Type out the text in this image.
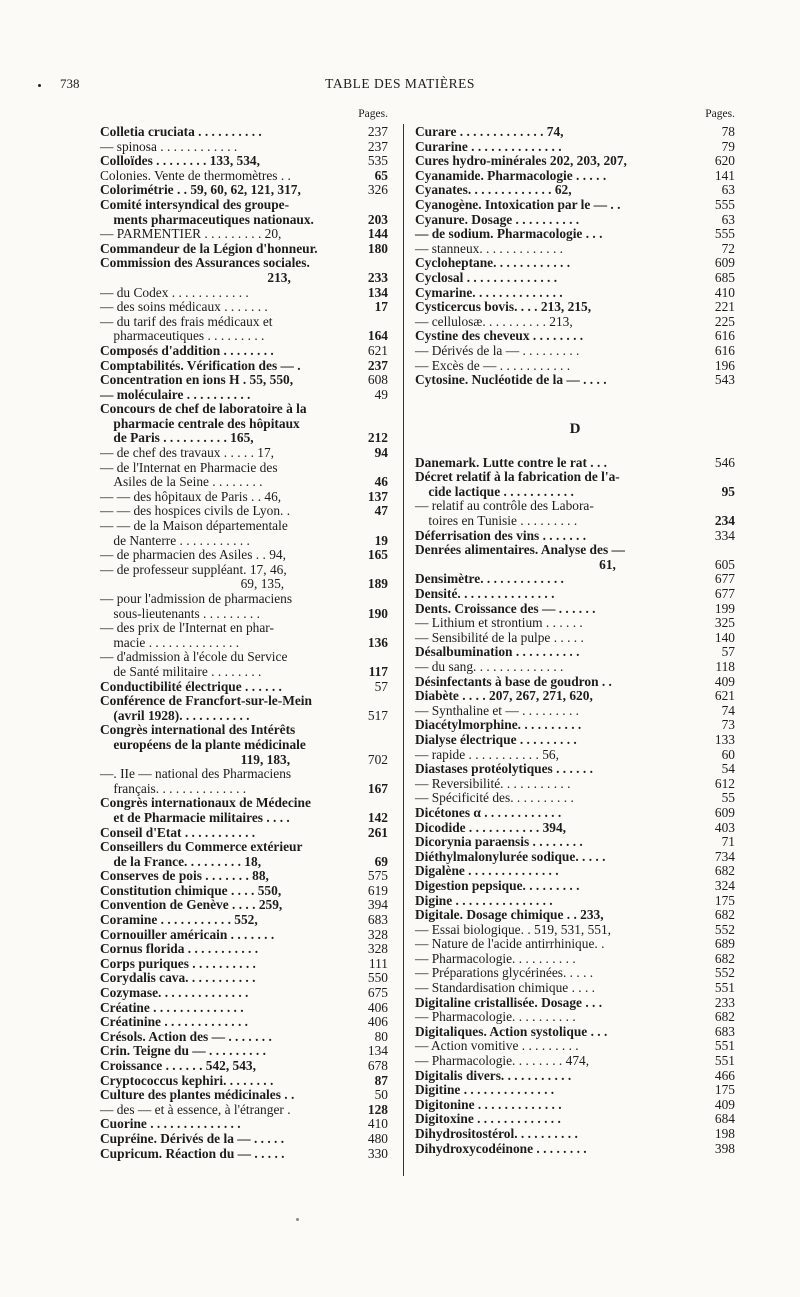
738	TABLE DES MATIÈRES
Pages.
Colletia cruciata . . . . . . . . . .	237
— spinosa . . . . . . . . . . . .	237
Colloïdes . . . . . . . . 133, 534,	535
Colonies. Vente de thermomètres . .	65
Colorimétrie . . 59, 60, 62, 121, 317,	326
Comité intersyndical des groupe-
ments pharmaceutiques nationaux.	203
— PARMENTIER . . . . . . . . . 20,	144
Commandeur de la Légion d'honneur.	180
Commission des Assurances sociales.
213,	233
— du Codex . . . . . . . . . . . .	134
— des soins médicaux . . . . . . .	17
— du tarif des frais médicaux et
pharmaceutiques . . . . . . . . .	164
Composés d'addition . . . . . . . .	621
Comptabilités. Vérification des — .	237
Concentration en ions H . 55, 550,	608
— moléculaire . . . . . . . . . .	49
Concours de chef de laboratoire à la
pharmacie centrale des hôpitaux
de Paris . . . . . . . . . . 165,	212
— de chef des travaux . . . . . 17,	94
— de l'Internat en Pharmacie des
Asiles de la Seine . . . . . . . .	46
— — des hôpitaux de Paris . . 46,	137
— — des hospices civils de Lyon. .	47
— — de la Maison départementale
de Nanterre . . . . . . . . . . .	19
— de pharmacien des Asiles . . 94,	165
— de professeur suppléant. 17, 46,
69, 135,	189
— pour l'admission de pharmaciens
sous-lieutenants . . . . . . . . .	190
— des prix de l'Internat en phar-
macie . . . . . . . . . . . . . .	136
— d'admission à l'école du Service
de Santé militaire . . . . . . . .	117
Conductibilité électrique . . . . . .	57
Conférence de Francfort-sur-le-Mein
(avril 1928). . . . . . . . . . .	517
Congrès international des Intérêts
européens de la plante médicinale
119, 183,	702
—. IIe — national des Pharmaciens
français. . . . . . . . . . . . . .	167
Congrès internationaux de Médecine
et de Pharmacie militaires . . . .	142
Conseil d'Etat . . . . . . . . . . .	261
Conseillers du Commerce extérieur
de la France. . . . . . . . . 18,	69
Conserves de pois . . . . . . . 88,	575
Constitution chimique . . . . 550,	619
Convention de Genève . . . . 259,	394
Coramine . . . . . . . . . . . 552,	683
Cornouiller américain . . . . . . .	328
Cornus florida . . . . . . . . . . .	328
Corps puriques . . . . . . . . . .	111
Corydalis cava. . . . . . . . . . .	550
Cozymase. . . . . . . . . . . . . .	675
Créatine . . . . . . . . . . . . . .	406
Créatinine . . . . . . . . . . . . .	406
Crésols. Action des — . . . . . . .	80
Crin. Teigne du — . . . . . . . . .	134
Croissance . . . . . . 542, 543,	678
Cryptococcus kephiri. . . . . . . .	87
Culture des plantes médicinales . .	50
— des — et à essence, à l'étranger .	128
Cuorine . . . . . . . . . . . . . .	410
Cupréine. Dérivés de la — . . . . .	480
Cupricum. Réaction du — . . . . .	330
Pages.
Curare . . . . . . . . . . . . . 74,	78
Curarine . . . . . . . . . . . . . .	79
Cures hydro-minérales 202, 203, 207,	620
Cyanamide. Pharmacologie . . . . .	141
Cyanates. . . . . . . . . . . . . 62,	63
Cyanogène. Intoxication par le — . .	555
Cyanure. Dosage . . . . . . . . . .	63
— de sodium. Pharmacologie . . .	555
— stanneux. . . . . . . . . . . . .	72
Cycloheptane. . . . . . . . . . . .	609
Cyclosal . . . . . . . . . . . . . .	685
Cymarine. . . . . . . . . . . . . .	410
Cysticercus bovis. . . . 213, 215,	221
— cellulosæ. . . . . . . . . . 213,	225
Cystine des cheveux . . . . . . . .	616
— Dérivés de la — . . . . . . . . .	616
— Excès de — . . . . . . . . . . .	196
Cytosine. Nucléotide de la — . . . .	543
D
Danemark. Lutte contre le rat . . .	546
Décret relatif à la fabrication de l'a-
cide lactique . . . . . . . . . . .	95
— relatif au contrôle des Labora-
toires en Tunisie . . . . . . . . .	234
Déferrisation des vins . . . . . . .	334
Denrées alimentaires. Analyse des —
61,	605
Densimètre. . . . . . . . . . . . .	677
Densité. . . . . . . . . . . . . . .	677
Dents. Croissance des — . . . . . .	199
— Lithium et strontium . . . . . .	325
— Sensibilité de la pulpe . . . . .	140
Désalbumination . . . . . . . . . .	57
— du sang. . . . . . . . . . . . . .	118
Désinfectants à base de goudron . .	409
Diabète . . . . 207, 267, 271, 620,	621
— Synthaline et — . . . . . . . . .	74
Diacétylmorphine. . . . . . . . . .	73
Dialyse électrique . . . . . . . . .	133
— rapide . . . . . . . . . . . 56,	60
Diastases protéolytiques . . . . . .	54
— Reversibilité. . . . . . . . . . .	612
— Spécificité des. . . . . . . . . .	55
Dicétones α . . . . . . . . . . . .	609
Dicodide . . . . . . . . . . . 394,	403
Dicorynia paraensis . . . . . . . .	71
Diéthylmalonylurée sodique. . . . .	734
Digalène . . . . . . . . . . . . . .	682
Digestion pepsique. . . . . . . . .	324
Digine . . . . . . . . . . . . . . .	175
Digitale. Dosage chimique . . 233,	682
— Essai biologique. . 519, 531, 551,	552
— Nature de l'acide antirrhinique. .	689
— Pharmacologie. . . . . . . . . .	682
— Préparations glycérinées. . . . .	552
— Standardisation chimique . . . .	551
Digitaline cristallisée. Dosage . . .	233
— Pharmacologie. . . . . . . . . .	682
Digitaliques. Action systolique . . .	683
— Action vomitive . . . . . . . . .	551
— Pharmacologie. . . . . . . . 474,	551
Digitalis divers. . . . . . . . . . .	466
Digitine . . . . . . . . . . . . . .	175
Digitonine . . . . . . . . . . . . .	409
Digitoxine . . . . . . . . . . . . .	684
Dihydrositostérol. . . . . . . . . .	198
Dihydroxycodéinone . . . . . . . .	398
